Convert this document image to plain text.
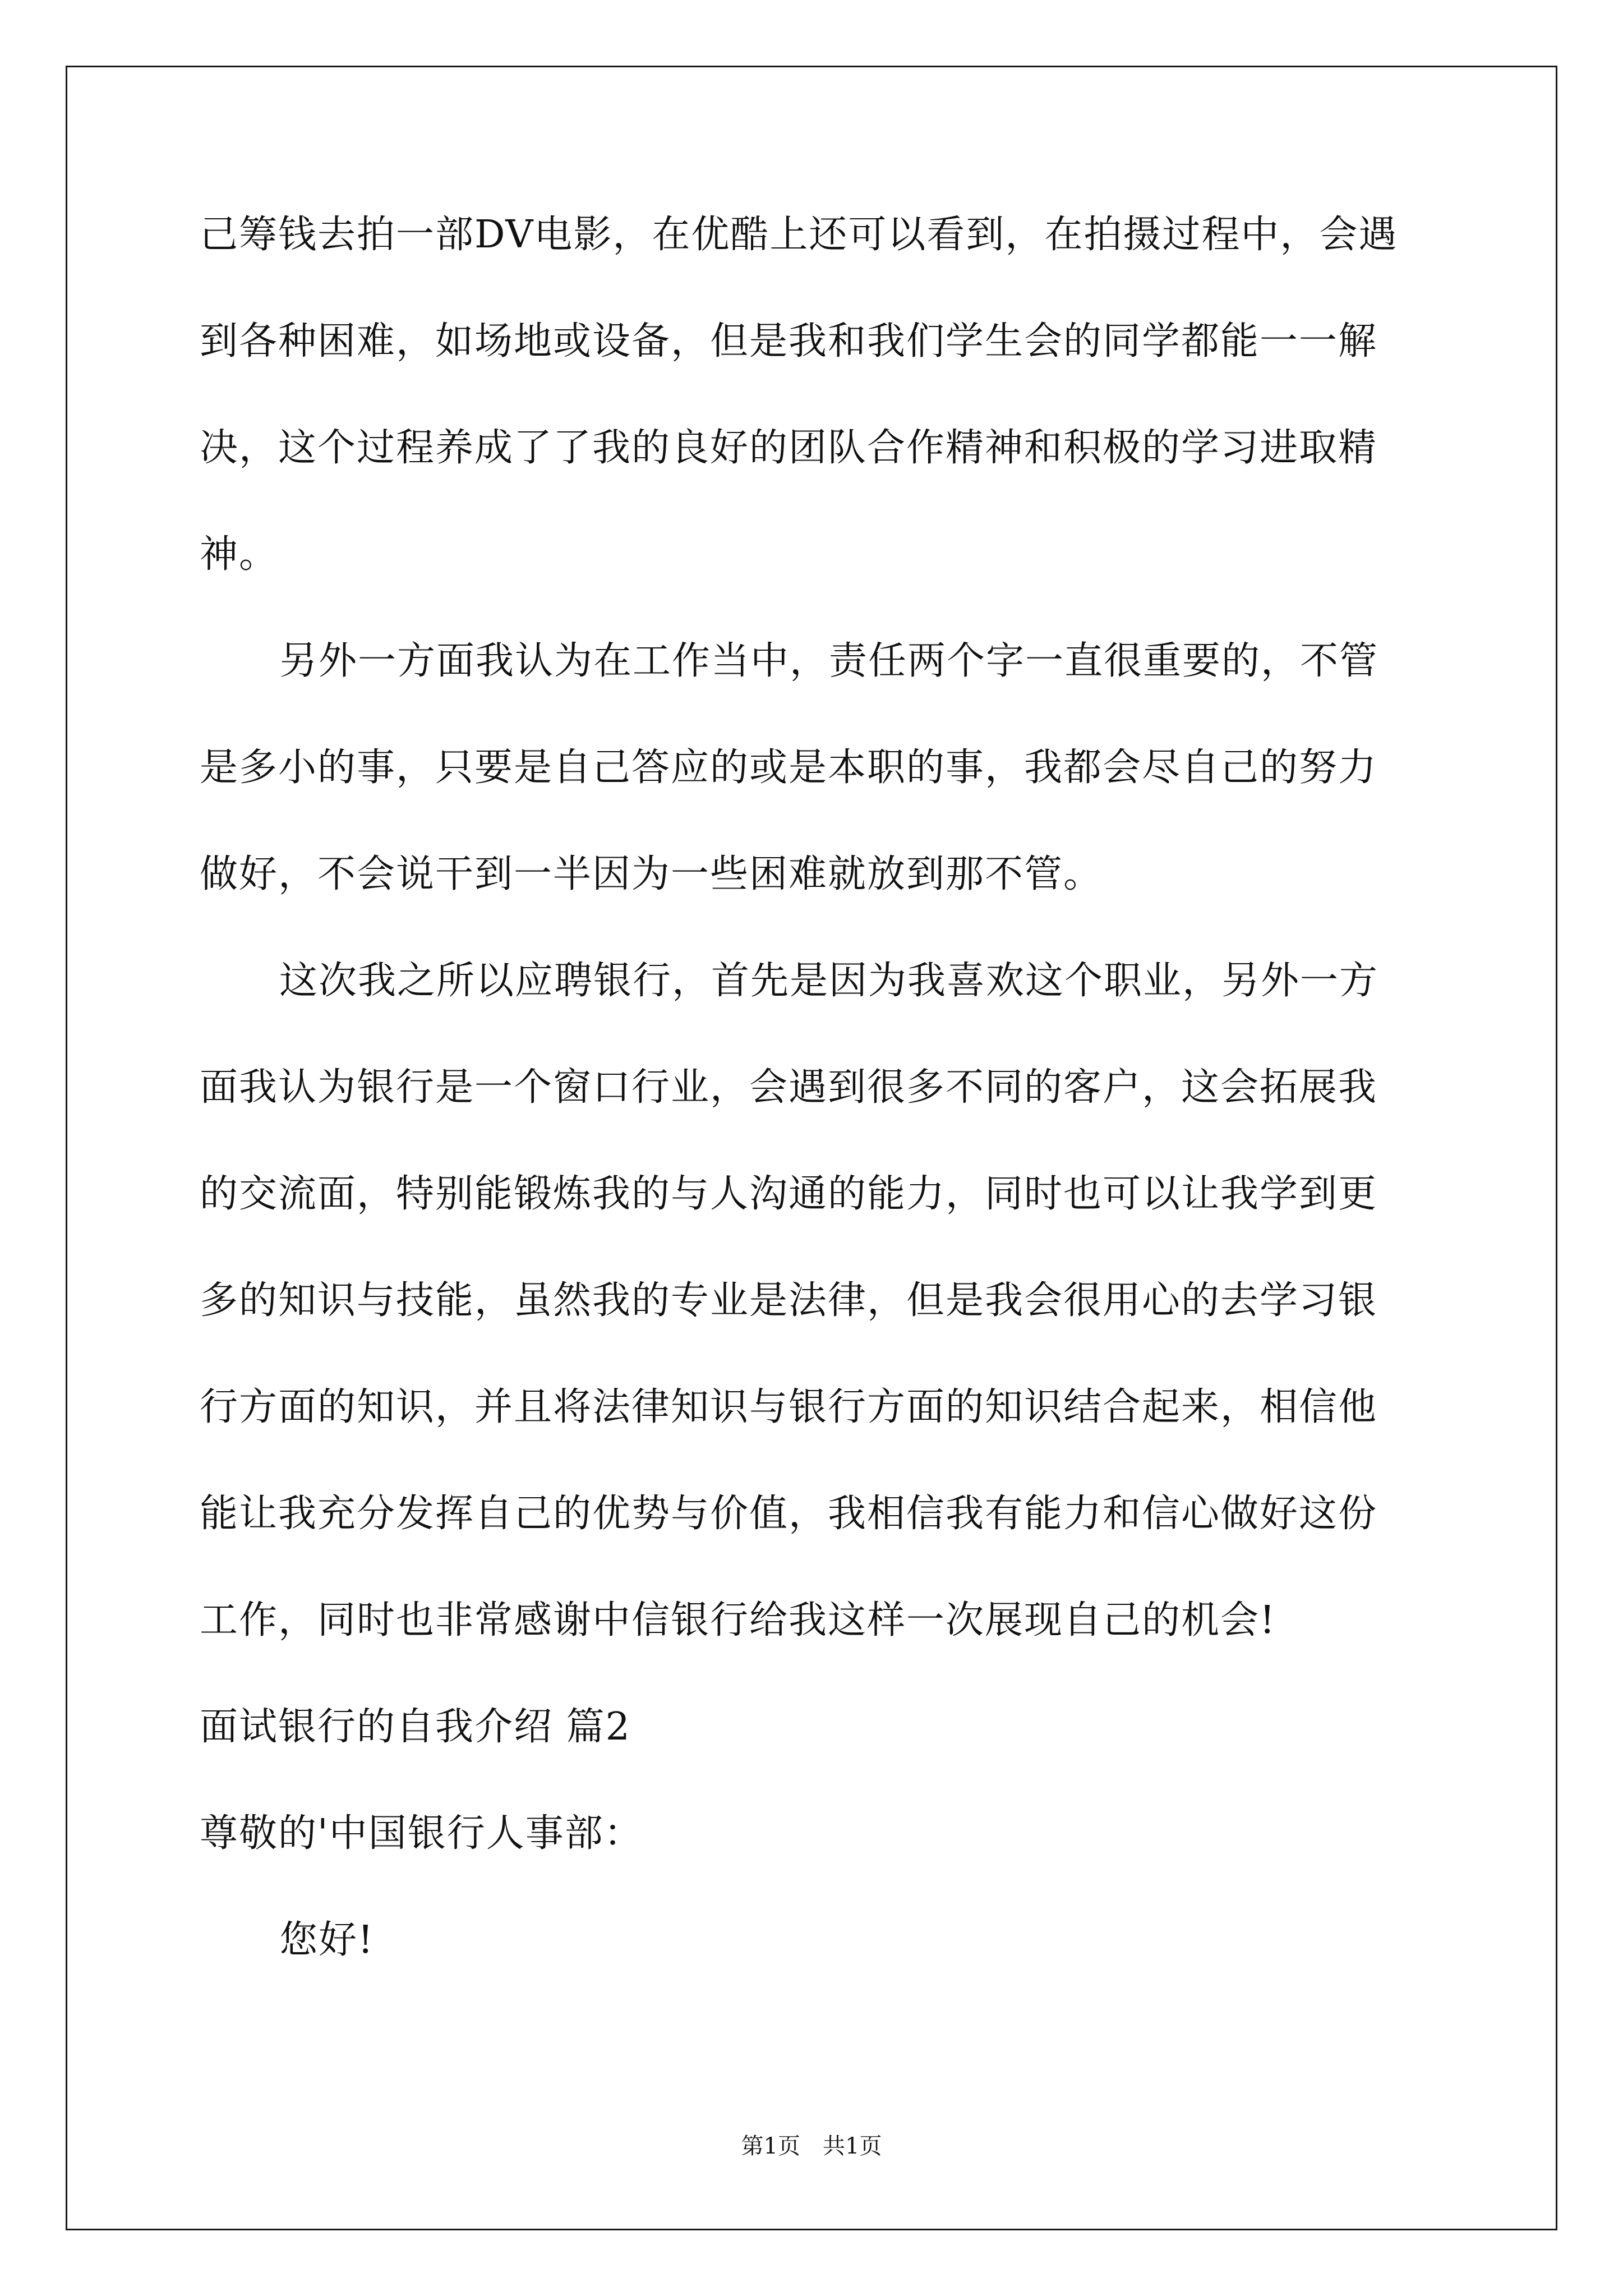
己筹钱去拍一部DV电影，在优酷上还可以看到，在拍摄过程中，会遇
到各种困难，如场地或设备，但是我和我们学生会的同学都能一一解
决，这个过程养成了了我的良好的团队合作精神和积极的学习进取精
神。
另外一方面我认为在工作当中，责任两个字一直很重要的，不管
是多小的事，只要是自己答应的或是本职的事，我都会尽自己的努力
做好，不会说干到一半因为一些困难就放到那不管。
这次我之所以应聘银行，首先是因为我喜欢这个职业，另外一方
面我认为银行是一个窗口行业，会遇到很多不同的客户，这会拓展我
的交流面，特别能锻炼我的与人沟通的能力，同时也可以让我学到更
多的知识与技能，虽然我的专业是法律，但是我会很用心的去学习银
行方面的知识，并且将法律知识与银行方面的知识结合起来，相信他
能让我充分发挥自己的优势与价值，我相信我有能力和信心做好这份
工作，同时也非常感谢中信银行给我这样一次展现自己的机会!
面试银行的自我介绍 篇2
尊敬的'中国银行人事部：
您好!
第1页 共1页
